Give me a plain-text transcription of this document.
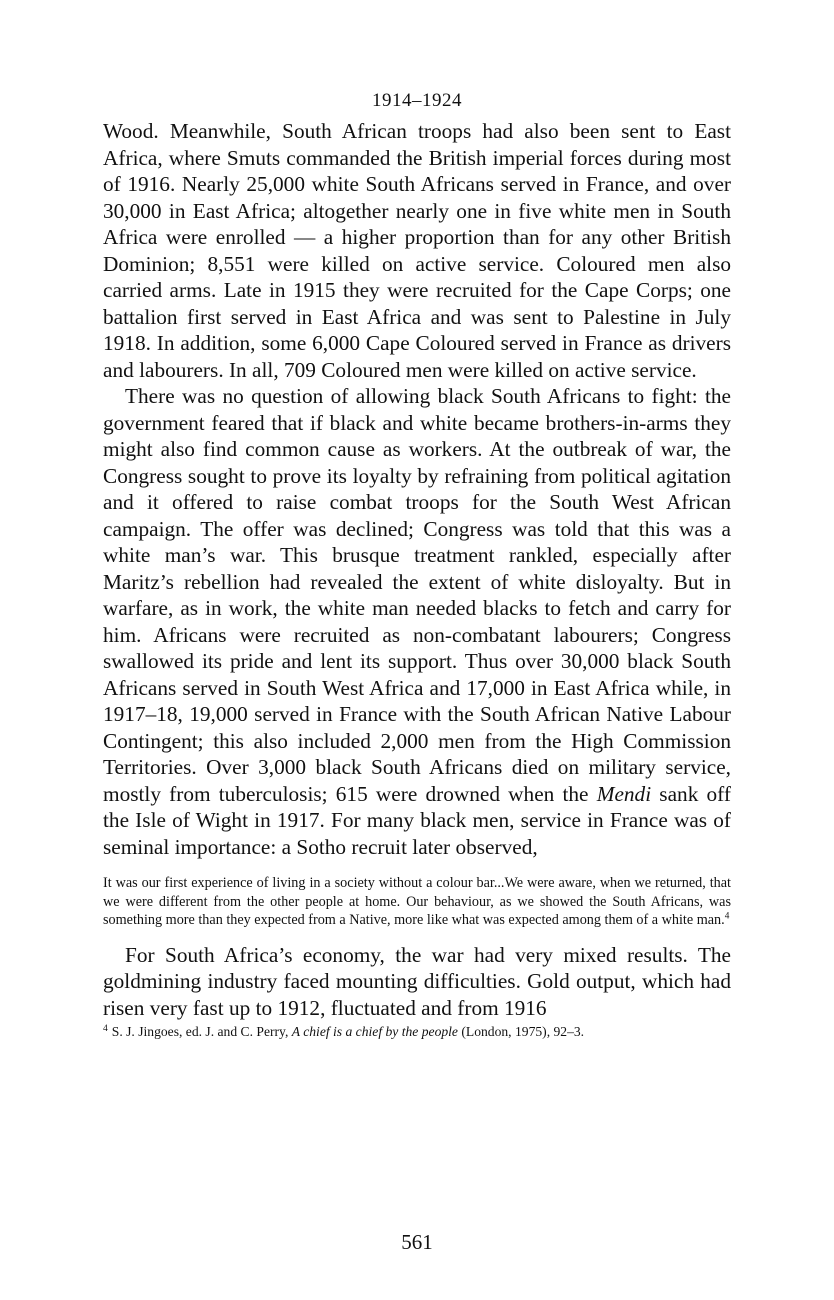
1914–1924

Wood. Meanwhile, South African troops had also been sent to East Africa, where Smuts commanded the British imperial forces during most of 1916. Nearly 25,000 white South Africans served in France, and over 30,000 in East Africa; altogether nearly one in five white men in South Africa were enrolled — a higher proportion than for any other British Dominion; 8,551 were killed on active service. Coloured men also carried arms. Late in 1915 they were recruited for the Cape Corps; one battalion first served in East Africa and was sent to Palestine in July 1918. In addition, some 6,000 Cape Coloured served in France as drivers and labourers. In all, 709 Coloured men were killed on active service.

There was no question of allowing black South Africans to fight: the government feared that if black and white became brothers-in-arms they might also find common cause as workers. At the outbreak of war, the Congress sought to prove its loyalty by refraining from political agitation and it offered to raise combat troops for the South West African campaign. The offer was declined; Congress was told that this was a white man’s war. This brusque treatment rankled, especially after Maritz’s rebellion had revealed the extent of white disloyalty. But in warfare, as in work, the white man needed blacks to fetch and carry for him. Africans were recruited as non-combatant labourers; Congress swallowed its pride and lent its support. Thus over 30,000 black South Africans served in South West Africa and 17,000 in East Africa while, in 1917–18, 19,000 served in France with the South African Native Labour Contingent; this also included 2,000 men from the High Commission Territories. Over 3,000 black South Africans died on military service, mostly from tuberculosis; 615 were drowned when the Mendi sank off the Isle of Wight in 1917. For many black men, service in France was of seminal importance: a Sotho recruit later observed,

It was our first experience of living in a society without a colour bar...We were aware, when we returned, that we were different from the other people at home. Our behaviour, as we showed the South Africans, was something more than they expected from a Native, more like what was expected among them of a white man.$^4$

For South Africa’s economy, the war had very mixed results. The goldmining industry faced mounting difficulties. Gold output, which had risen very fast up to 1912, fluctuated and from 1916

$^4$ S. J. Jingoes, ed. J. and C. Perry, A chief is a chief by the people (London, 1975), 92–3.
561
